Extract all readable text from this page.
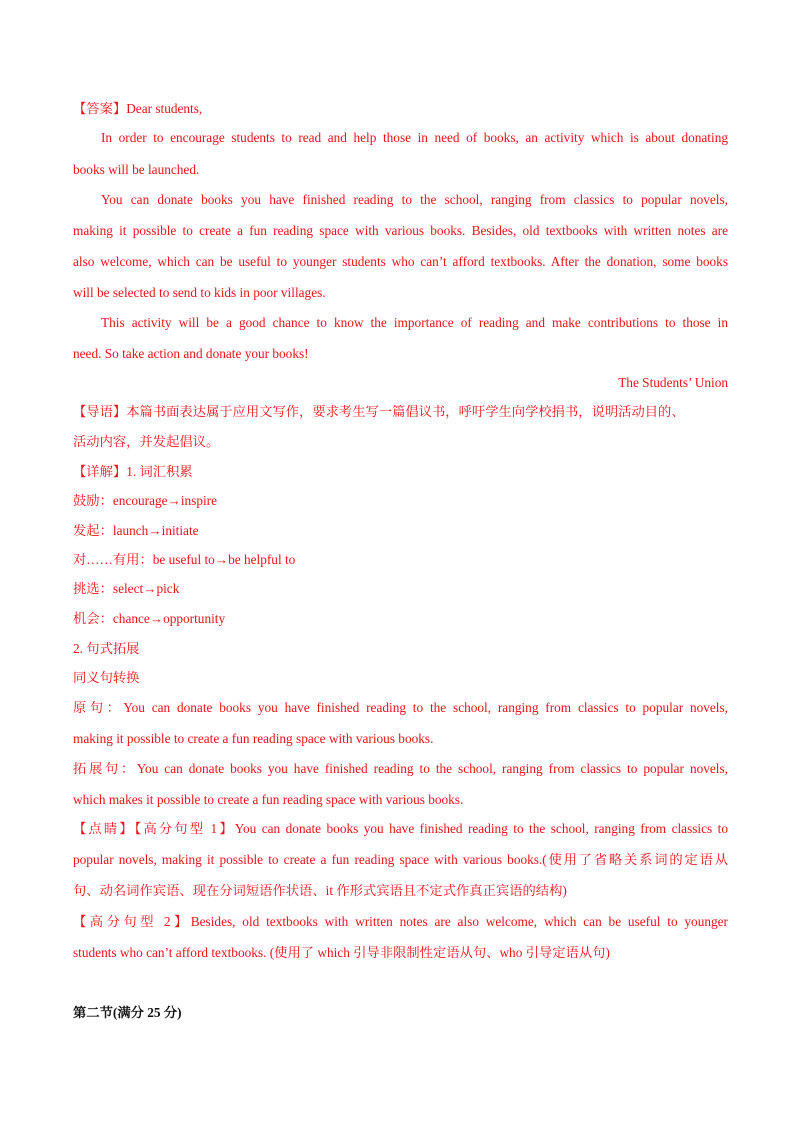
【答案】Dear students,
In order to encourage students to read and help those in need of books, an activity which is about donating
books will be launched.
You can donate books you have finished reading to the school, ranging from classics to popular novels,
making it possible to create a fun reading space with various books. Besides, old textbooks with written notes are
also welcome, which can be useful to younger students who can’t afford textbooks. After the donation, some books
will be selected to send to kids in poor villages.
This activity will be a good chance to know the importance of reading and make contributions to those in
need. So take action and donate your books!
The Students’ Union
【导语】本篇书面表达属于应用文写作，要求考生写一篇倡议书，呼吁学生向学校捐书，说明活动目的、
活动内容，并发起倡议。
【详解】1. 词汇积累
鼓励：encourage→inspire
发起：launch→initiate
对……有用：be useful to→be helpful to
挑选：select→pick
机会：chance→opportunity
2. 句式拓展
同义句转换
原句：You can donate books you have finished reading to the school, ranging from classics to popular novels,
making it possible to create a fun reading space with various books.
拓展句：You can donate books you have finished reading to the school, ranging from classics to popular novels,
which makes it possible to create a fun reading space with various books.
【点睛】【高分句型 1】You can donate books you have finished reading to the school, ranging from classics to
popular novels, making it possible to create a fun reading space with various books.(使用了省略关系词的定语从
句、动名词作宾语、现在分词短语作状语、it 作形式宾语且不定式作真正宾语的结构)
【高分句型 2】Besides, old textbooks with written notes are also welcome, which can be useful to younger
students who can’t afford textbooks. (使用了 which 引导非限制性定语从句、who 引导定语从句)
第二节(满分 25 分)
